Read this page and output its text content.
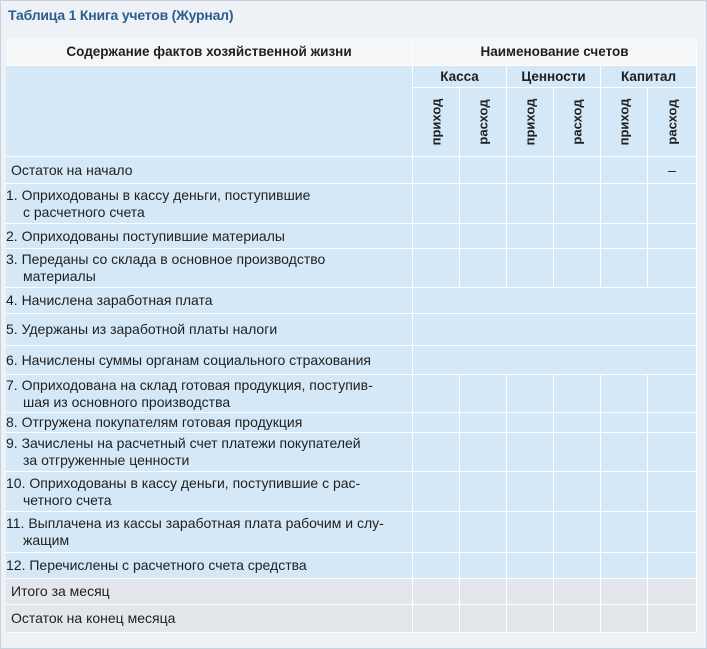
Таблица 1 Книга учетов (Журнал)
Содержание фактов хозяйственной жизни	Наименование счетов					
	Касса		Ценности		Капитал	

	приход	расход	приход	расход	приход	расход

Остаток на начало						–
1. Оприходованы в кассу деньги, поступившие
с расчетного счета						

2. Оприходованы поступившие материалы						
3. Переданы со склада в основное производство
материалы						

4. Начислена заработная плата						
5. Удержаны из заработной платы налоги						
6. Начислены суммы органам социального страхования						
7. Оприходована на склад готовая продукция, поступив-
шая из основного производства						

8. Отгружена покупателям готовая продукция						
9. Зачислены на расчетный счет платежи покупателей
за отгруженные ценности						

10. Оприходованы в кассу деньги, поступившие с рас-
четного счета						

11. Выплачена из кассы заработная плата рабочим и слу-
жащим						

12. Перечислены с расчетного счета средства						
Итого за месяц						
Остаток на конец месяца						
